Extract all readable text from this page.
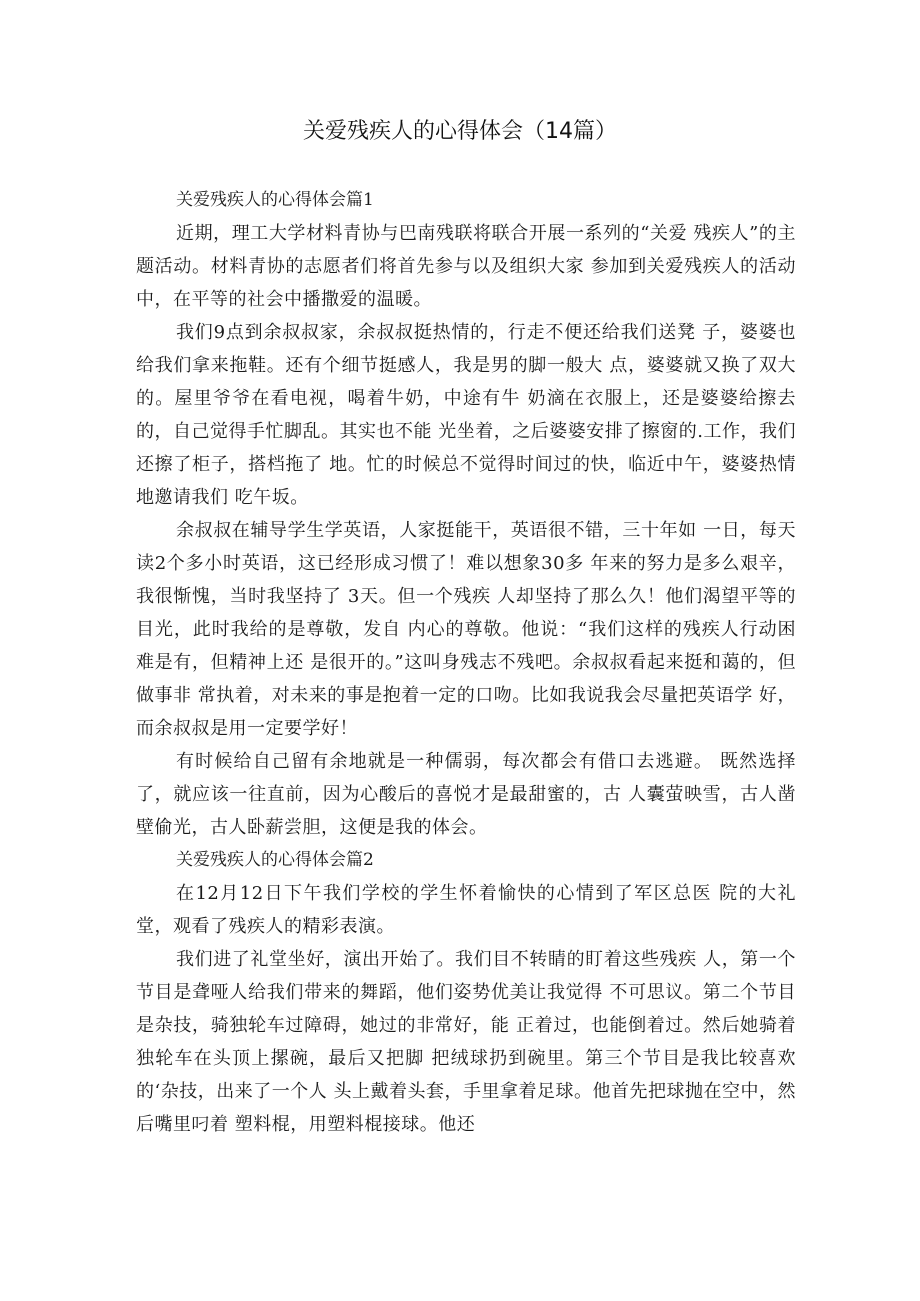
关爱残疾人的心得体会（14篇）

关爱残疾人的心得体会篇1

近期，理工大学材料青协与巴南残联将联合开展一系列的“关爱 残疾人”的主题活动。材料青协的志愿者们将首先参与以及组织大家 参加到关爱残疾人的活动中，在平等的社会中播撒爱的温暖。

我们9点到余叔叔家，余叔叔挺热情的，行走不便还给我们送凳 子，婆婆也给我们拿来拖鞋。还有个细节挺感人，我是男的脚一般大 点，婆婆就又换了双大的。屋里爷爷在看电视，喝着牛奶，中途有牛 奶滴在衣服上，还是婆婆给擦去的，自己觉得手忙脚乱。其实也不能 光坐着，之后婆婆安排了擦窗的.工作，我们还擦了柜子，搭档拖了 地。忙的时候总不觉得时间过的快，临近中午，婆婆热情地邀请我们 吃午坂。

余叔叔在辅导学生学英语，人家挺能干，英语很不错，三十年如 一日，每天读2个多小时英语，这已经形成习惯了！难以想象30多 年来的努力是多么艰辛，我很惭愧，当时我坚持了 3天。但一个残疾 人却坚持了那么久！他们渴望平等的目光，此时我给的是尊敬，发自 内心的尊敬。他说：“我们这样的残疾人行动困难是有，但精神上还 是很开的。”这叫身残志不残吧。余叔叔看起来挺和蔼的，但做事非 常执着，对未来的事是抱着一定的口吻。比如我说我会尽量把英语学 好，而余叔叔是用一定要学好！

有时候给自己留有余地就是一种儒弱，每次都会有借口去逃避。 既然选择了，就应该一往直前，因为心酸后的喜悦才是最甜蜜的，古 人囊萤映雪，古人凿壁偷光，古人卧薪尝胆，这便是我的体会。

关爱残疾人的心得体会篇2

在12月12日下午我们学校的学生怀着愉快的心情到了军区总医 院的大礼堂，观看了残疾人的精彩表演。

我们进了礼堂坐好，演出开始了。我们目不转睛的盯着这些残疾 人，第一个节目是聋哑人给我们带来的舞蹈，他们姿势优美让我觉得 不可思议。第二个节目是杂技，骑独轮车过障碍，她过的非常好，能 正着过，也能倒着过。然后她骑着独轮车在头顶上摞碗，最后又把脚 把绒球扔到碗里。第三个节目是我比较喜欢的‘杂技，出来了一个人 头上戴着头套，手里拿着足球。他首先把球抛在空中，然后嘴里叼着 塑料棍，用塑料棍接球。他还
